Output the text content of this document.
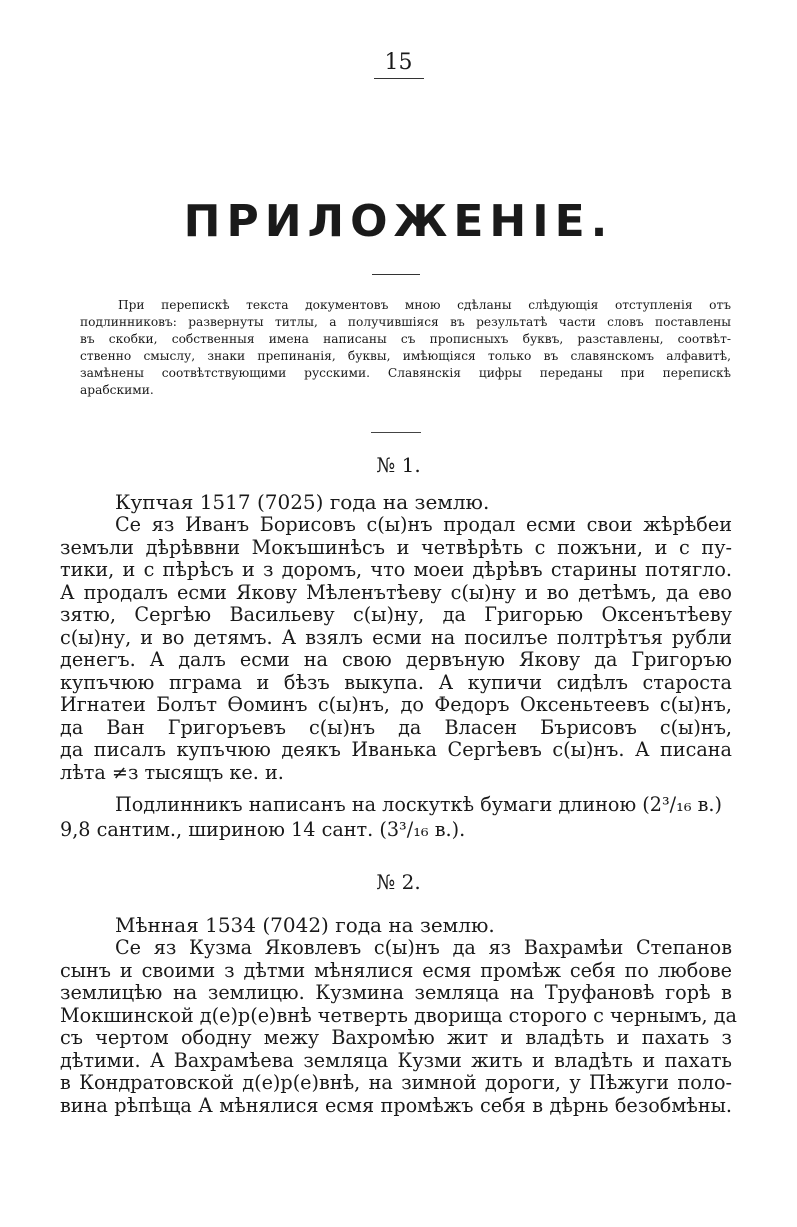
15
ПРИЛОЖЕНІЕ.
При перепискѣ текста документовъ мною сдѣланы слѣдующія отступленія отъ
подлинниковъ: развернуты титлы, а получившіяся въ результатѣ части словъ поставлены
въ скобки, собственныя имена написаны съ прописныхъ буквъ, разставлены, соотвѣт-
ственно смыслу, знаки препинанія, буквы, имѣющіяся только въ славянскомъ алфавитѣ,
замѣнены соотвѣтствующими русскими. Славянскія цифры переданы при перепискѣ
арабскими.
№ 1.
Купчая 1517 (7025) года на землю.
Се яз Иванъ Борисовъ с(ы)нъ продал есми свои жѣрѣбеи
земъли дѣрѣввни Мокъшинѣсъ и четвѣрѣть с пожъни, и с пу-
тики, и с пѣрѣсъ и з доромъ, что моеи дѣрѣвъ старины потягло.
А продалъ есми Якову Мѣленътѣеву с(ы)ну и во детѣмъ, да ево
зятю, Сергѣю Васильеву с(ы)ну, да Григорью Оксенътѣеву
с(ы)ну, и во детямъ. А взялъ есми на посилъе полтрѣтъя рубли
денегъ. А далъ есми на свою дервъную Якову да Григоръю
купъчюю пграма и бѣзъ выкупа. А купичи сидѣлъ староста
Игнатеи Болът Ѳоминъ с(ы)нъ, до Федоръ Оксеньтеевъ с(ы)нъ,
да Ван Григоръевъ с(ы)нъ да Власен Бърисовъ с(ы)нъ,
да писалъ купъчюю деякъ Иванька Сергѣевъ с(ы)нъ. А писана
лѣта ≠з тысящъ ке. и.
Подлинникъ написанъ на лоскуткѣ бумаги длиною (2³/₁₆ в.)
9,8 сантим., шириною 14 сант. (3³/₁₆ в.).
№ 2.
Мѣнная 1534 (7042) года на землю.
Се яз Кузма Яковлевъ с(ы)нъ да яз Вахрамѣи Степанов
сынъ и своими з дѣтми мѣнялися есмя промѣж себя по любове
землицѣю на землицю. Кузмина земляца на Труфановѣ горѣ в
Мокшинской д(е)р(е)внѣ четверть дворища сторого с чернымъ, да
съ чертом ободну межу Вахромѣю жит и владѣть и пахать з
дѣтими. А Вахрамѣева земляца Кузми жить и владѣть и пахать
в Кондратовской д(е)р(е)внѣ, на зимной дороги, у Пѣжуги поло-
вина рѣпѣща А мѣнялися есмя промѣжъ себя в дѣрнь безобмѣны.
